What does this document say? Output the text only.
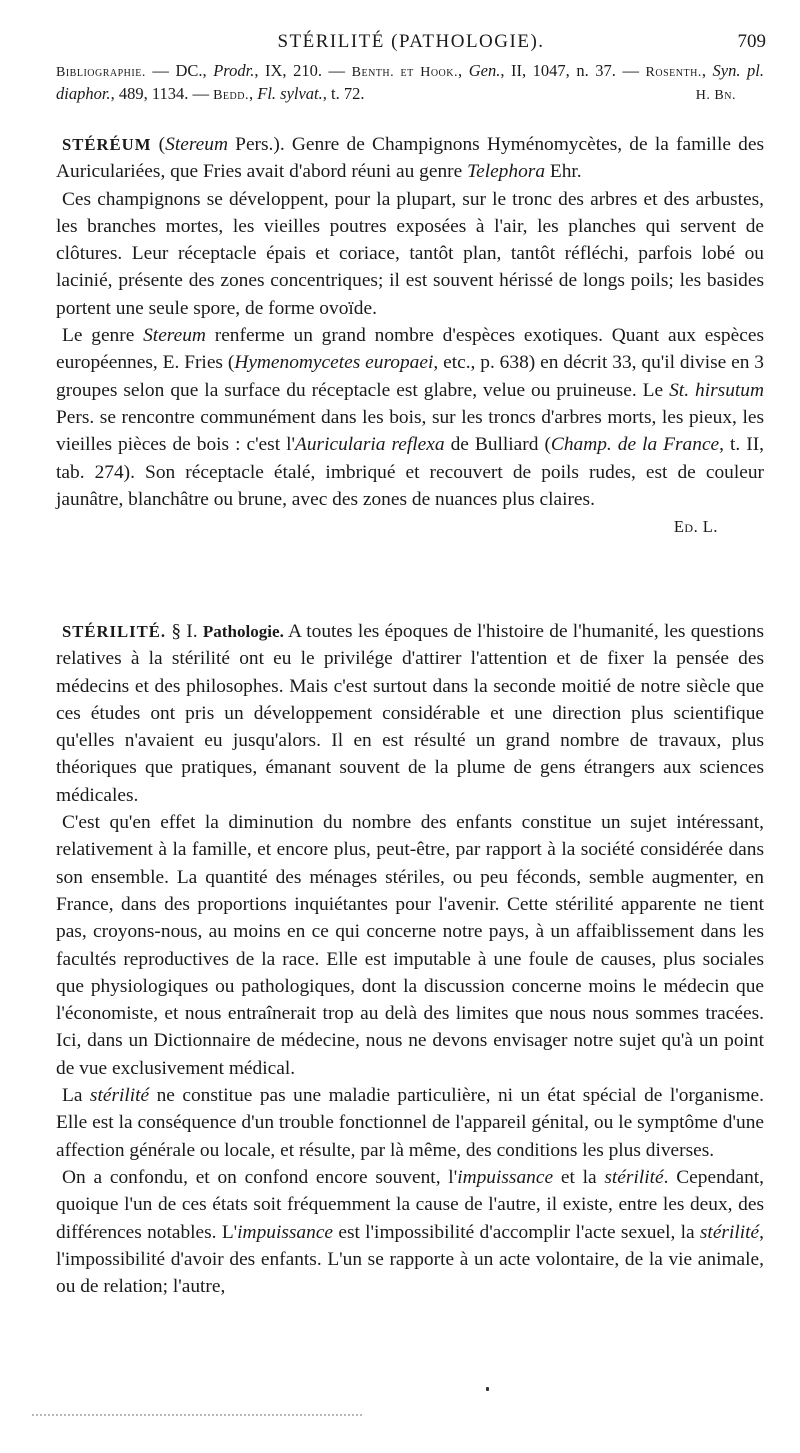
STÉRILITÉ (PATHOLOGIE).	709
Bibliographie. — DC., Prodr., IX, 210. — Benth. et Hook., Gen., II, 1047, n. 37. — Rosenth., Syn. pl. diaphor., 489, 1134. — Bedd., Fl. sylvat., t. 72.	H. Bn.

STÉRÉUM (Stereum Pers.). Genre de Champignons Hyménomycètes, de la famille des Auriculariées, que Fries avait d'abord réuni au genre Telephora Ehr.

Ces champignons se développent, pour la plupart, sur le tronc des arbres et des arbustes, les branches mortes, les vieilles poutres exposées à l'air, les planches qui servent de clôtures. Leur réceptacle épais et coriace, tantôt plan, tantôt réfléchi, parfois lobé ou lacinié, présente des zones concentriques; il est souvent hérissé de longs poils; les basides portent une seule spore, de forme ovoïde.

Le genre Stereum renferme un grand nombre d'espèces exotiques. Quant aux espèces européennes, E. Fries (Hymenomycetes europaei, etc., p. 638) en décrit 33, qu'il divise en 3 groupes selon que la surface du réceptacle est glabre, velue ou pruineuse. Le St. hirsutum Pers. se rencontre communément dans les bois, sur les troncs d'arbres morts, les pieux, les vieilles pièces de bois : c'est l'Auricularia reflexa de Bulliard (Champ. de la France, t. II, tab. 274). Son réceptacle étalé, imbriqué et recouvert de poils rudes, est de couleur jaunâtre, blanchâtre ou brune, avec des zones de nuances plus claires.

Ed. L.

STÉRILITÉ. § I. Pathologie. A toutes les époques de l'histoire de l'humanité, les questions relatives à la stérilité ont eu le privilége d'attirer l'attention et de fixer la pensée des médecins et des philosophes. Mais c'est surtout dans la seconde moitié de notre siècle que ces études ont pris un développement considérable et une direction plus scientifique qu'elles n'avaient eu jusqu'alors. Il en est résulté un grand nombre de travaux, plus théoriques que pratiques, émanant souvent de la plume de gens étrangers aux sciences médicales.

C'est qu'en effet la diminution du nombre des enfants constitue un sujet intéressant, relativement à la famille, et encore plus, peut-être, par rapport à la société considérée dans son ensemble. La quantité des ménages stériles, ou peu féconds, semble augmenter, en France, dans des proportions inquiétantes pour l'avenir. Cette stérilité apparente ne tient pas, croyons-nous, au moins en ce qui concerne notre pays, à un affaiblissement dans les facultés reproductives de la race. Elle est imputable à une foule de causes, plus sociales que physiologiques ou pathologiques, dont la discussion concerne moins le médecin que l'économiste, et nous entraînerait trop au delà des limites que nous nous sommes tracées. Ici, dans un Dictionnaire de médecine, nous ne devons envisager notre sujet qu'à un point de vue exclusivement médical.

La stérilité ne constitue pas une maladie particulière, ni un état spécial de l'organisme. Elle est la conséquence d'un trouble fonctionnel de l'appareil génital, ou le symptôme d'une affection générale ou locale, et résulte, par là même, des conditions les plus diverses.

On a confondu, et on confond encore souvent, l'impuissance et la stérilité. Cependant, quoique l'un de ces états soit fréquemment la cause de l'autre, il existe, entre les deux, des différences notables. L'impuissance est l'impossibilité d'accomplir l'acte sexuel, la stérilité, l'impossibilité d'avoir des enfants. L'un se rapporte à un acte volontaire, de la vie animale, ou de relation; l'autre,
